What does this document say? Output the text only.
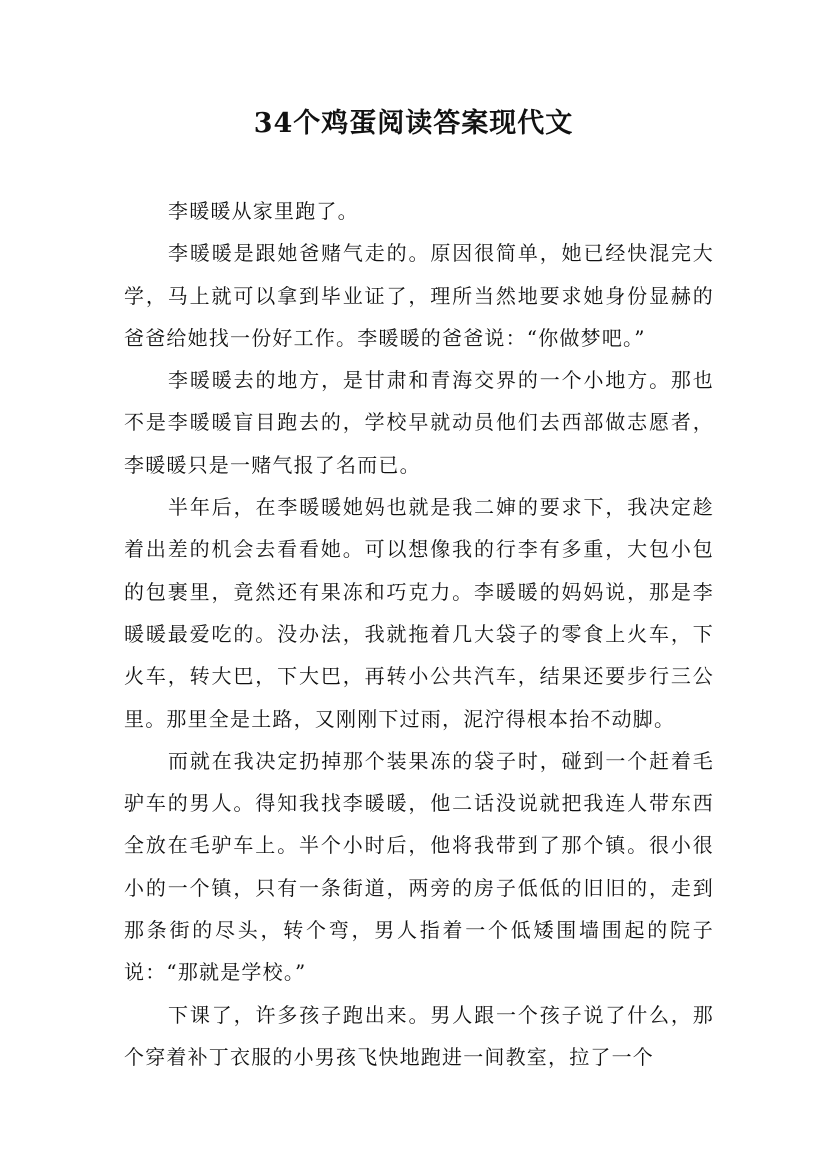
34个鸡蛋阅读答案现代文

李暖暖从家里跑了。

李暖暖是跟她爸赌气走的。原因很简单，她已经快混完大学，马上就可以拿到毕业证了，理所当然地要求她身份显赫的爸爸给她找一份好工作。李暖暖的爸爸说：“你做梦吧。”

李暖暖去的地方，是甘肃和青海交界的一个小地方。那也不是李暖暖盲目跑去的，学校早就动员他们去西部做志愿者，李暖暖只是一赌气报了名而已。

半年后，在李暖暖她妈也就是我二婶的要求下，我决定趁着出差的机会去看看她。可以想像我的行李有多重，大包小包的包裹里，竟然还有果冻和巧克力。李暖暖的妈妈说，那是李暖暖最爱吃的。没办法，我就拖着几大袋子的零食上火车，下火车，转大巴，下大巴，再转小公共汽车，结果还要步行三公里。那里全是土路，又刚刚下过雨，泥泞得根本抬不动脚。

而就在我决定扔掉那个装果冻的袋子时，碰到一个赶着毛驴车的男人。得知我找李暖暖，他二话没说就把我连人带东西全放在毛驴车上。半个小时后，他将我带到了那个镇。很小很小的一个镇，只有一条街道，两旁的房子低低的旧旧的，走到那条街的尽头，转个弯，男人指着一个低矮围墙围起的院子说：“那就是学校。”

下课了，许多孩子跑出来。男人跟一个孩子说了什么，那个穿着补丁衣服的小男孩飞快地跑进一间教室，拉了一个
